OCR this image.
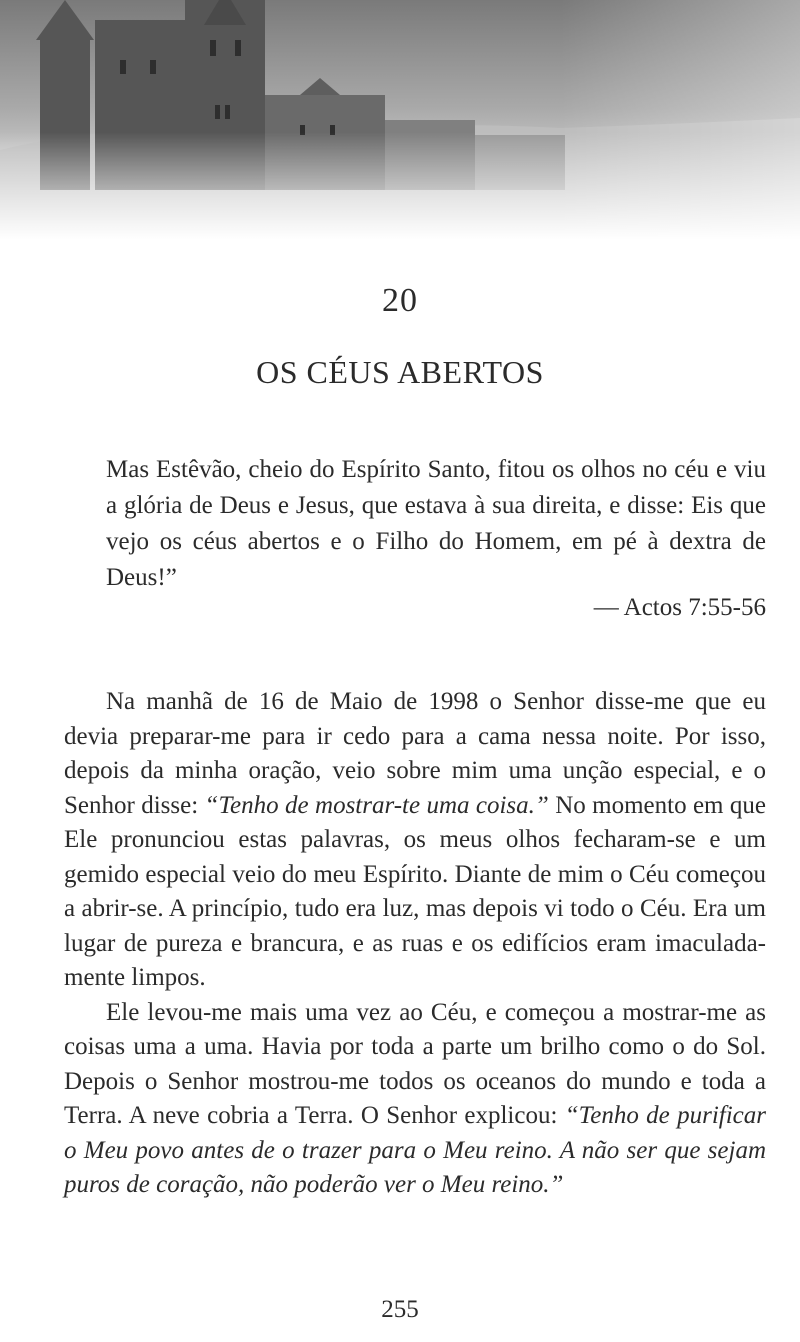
20
OS CÉUS ABERTOS
Mas Estêvão, cheio do Espírito Santo, fitou os olhos no céu e viu a glória de Deus e Jesus, que estava à sua direita, e disse: Eis que vejo os céus abertos e o Filho do Homem, em pé à dextra de Deus!”
— Actos 7:55-56

Na manhã de 16 de Maio de 1998 o Senhor disse-me que eu devia preparar-me para ir cedo para a cama nessa noite. Por isso, depois da minha oração, veio sobre mim uma unção especial, e o Senhor disse: “Tenho de mostrar-te uma coisa.” No momento em que Ele pronunciou estas palavras, os meus olhos fecharam-se e um gemido especial veio do meu Espírito. Diante de mim o Céu começou a abrir-se. A princípio, tudo era luz, mas depois vi todo o Céu. Era um lugar de pureza e brancura, e as ruas e os edifícios eram imaculada-mente limpos.

Ele levou-me mais uma vez ao Céu, e começou a mostrar-me as coisas uma a uma. Havia por toda a parte um brilho como o do Sol. Depois o Senhor mostrou-me todos os oceanos do mundo e toda a Terra. A neve cobria a Terra. O Senhor explicou: “Tenho de purificar o Meu povo antes de o trazer para o Meu reino. A não ser que sejam puros de coração, não poderão ver o Meu reino.”

255
